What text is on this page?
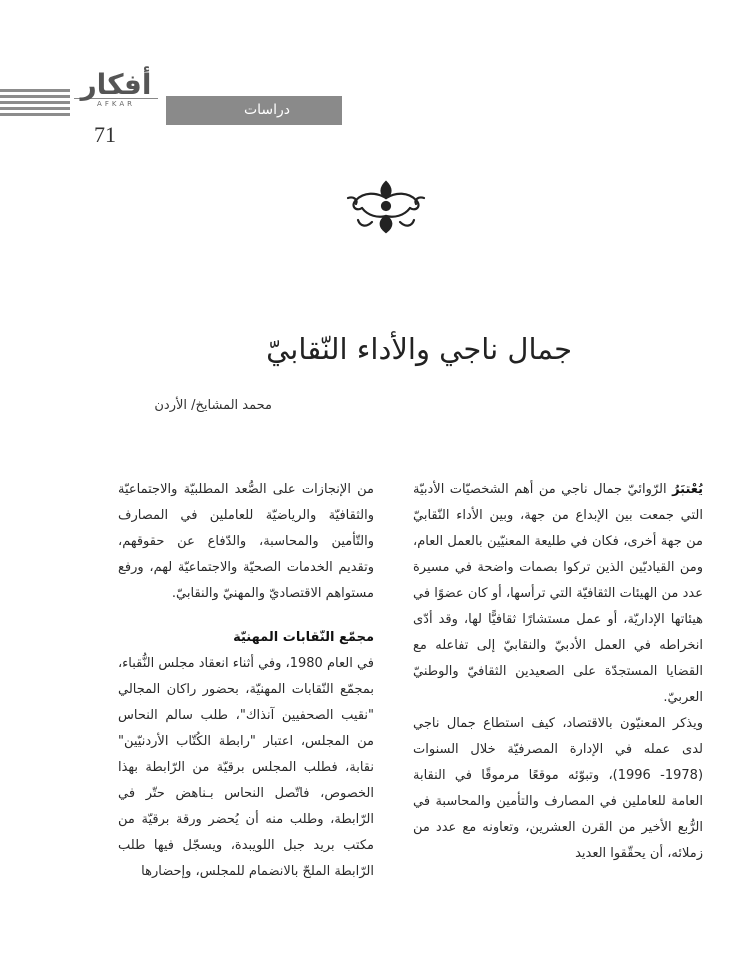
أفكار
AFKAR
71
دراسات
جمال ناجي والأداء النّقابيّ
محمد المشايخ/ الأردن

يُعْتبَرُ الرّوائيّ جمال ناجي من أهم الشخصيّات الأدبيّة التي جمعت بين الإبداع من جهة، وبين الأداء النّقابيّ من جهة أخرى، فكان في طليعة المعنيّين بالعمل العام، ومن القياديّين الذين تركوا بصمات واضحة في مسيرة عدد من الهيئات الثقافيّة التي ترأسها، أو كان عضوًا في هيئاتها الإداريّة، أو عمل مستشارًا ثقافيًّا لها، وقد أدّى انخراطه في العمل الأدبيّ والنقابيّ إلى تفاعله مع القضايا المستجدّة على الصعيدين الثقافيّ والوطنيّ العربيّ.

ويذكر المعنيّون بالاقتصاد، كيف استطاع جمال ناجي لدى عمله في الإدارة المصرفيّة خلال السنوات (1978- 1996)، وتبوّئه موقعًا مرموقًا في النقابة العامة للعاملين في المصارف والتأمين والمحاسبة في الرُّبع الأخير من القرن العشرين، وتعاونه مع عدد من زملائه، أن يحقّقوا العديد

من الإنجازات على الصُّعد المطلبيّة والاجتماعيّة والثقافيّة والرياضيّة للعاملين في المصارف والتّأمين والمحاسبة، والدّفاع عن حقوقهم، وتقديم الخدمات الصحيّة والاجتماعيّة لهم، ورفع مستواهم الاقتصاديّ والمهنيّ والنقابيّ.

مجمّع النّقابات المهنيّة

في العام 1980، وفي أثناء انعقاد مجلس النُّقباء، بمجمّع النّقابات المهنيّة، بحضور راكان المجالي "نقيب الصحفيين آنذاك"، طلب سالم النحاس من المجلس، اعتبار "رابطة الكُتّاب الأردنيّين" نقابة، فطلب المجلس برقيّة من الرّابطة بهذا الخصوص، فاتّصل النحاس بـناهض حتّر في الرّابطة، وطلب منه أن يُحضر ورقة برقيّة من مكتب بريد جبل اللويبدة، ويسجّل فيها طلب الرّابطة الملحّ بالانضمام للمجلس، وإحضارها
